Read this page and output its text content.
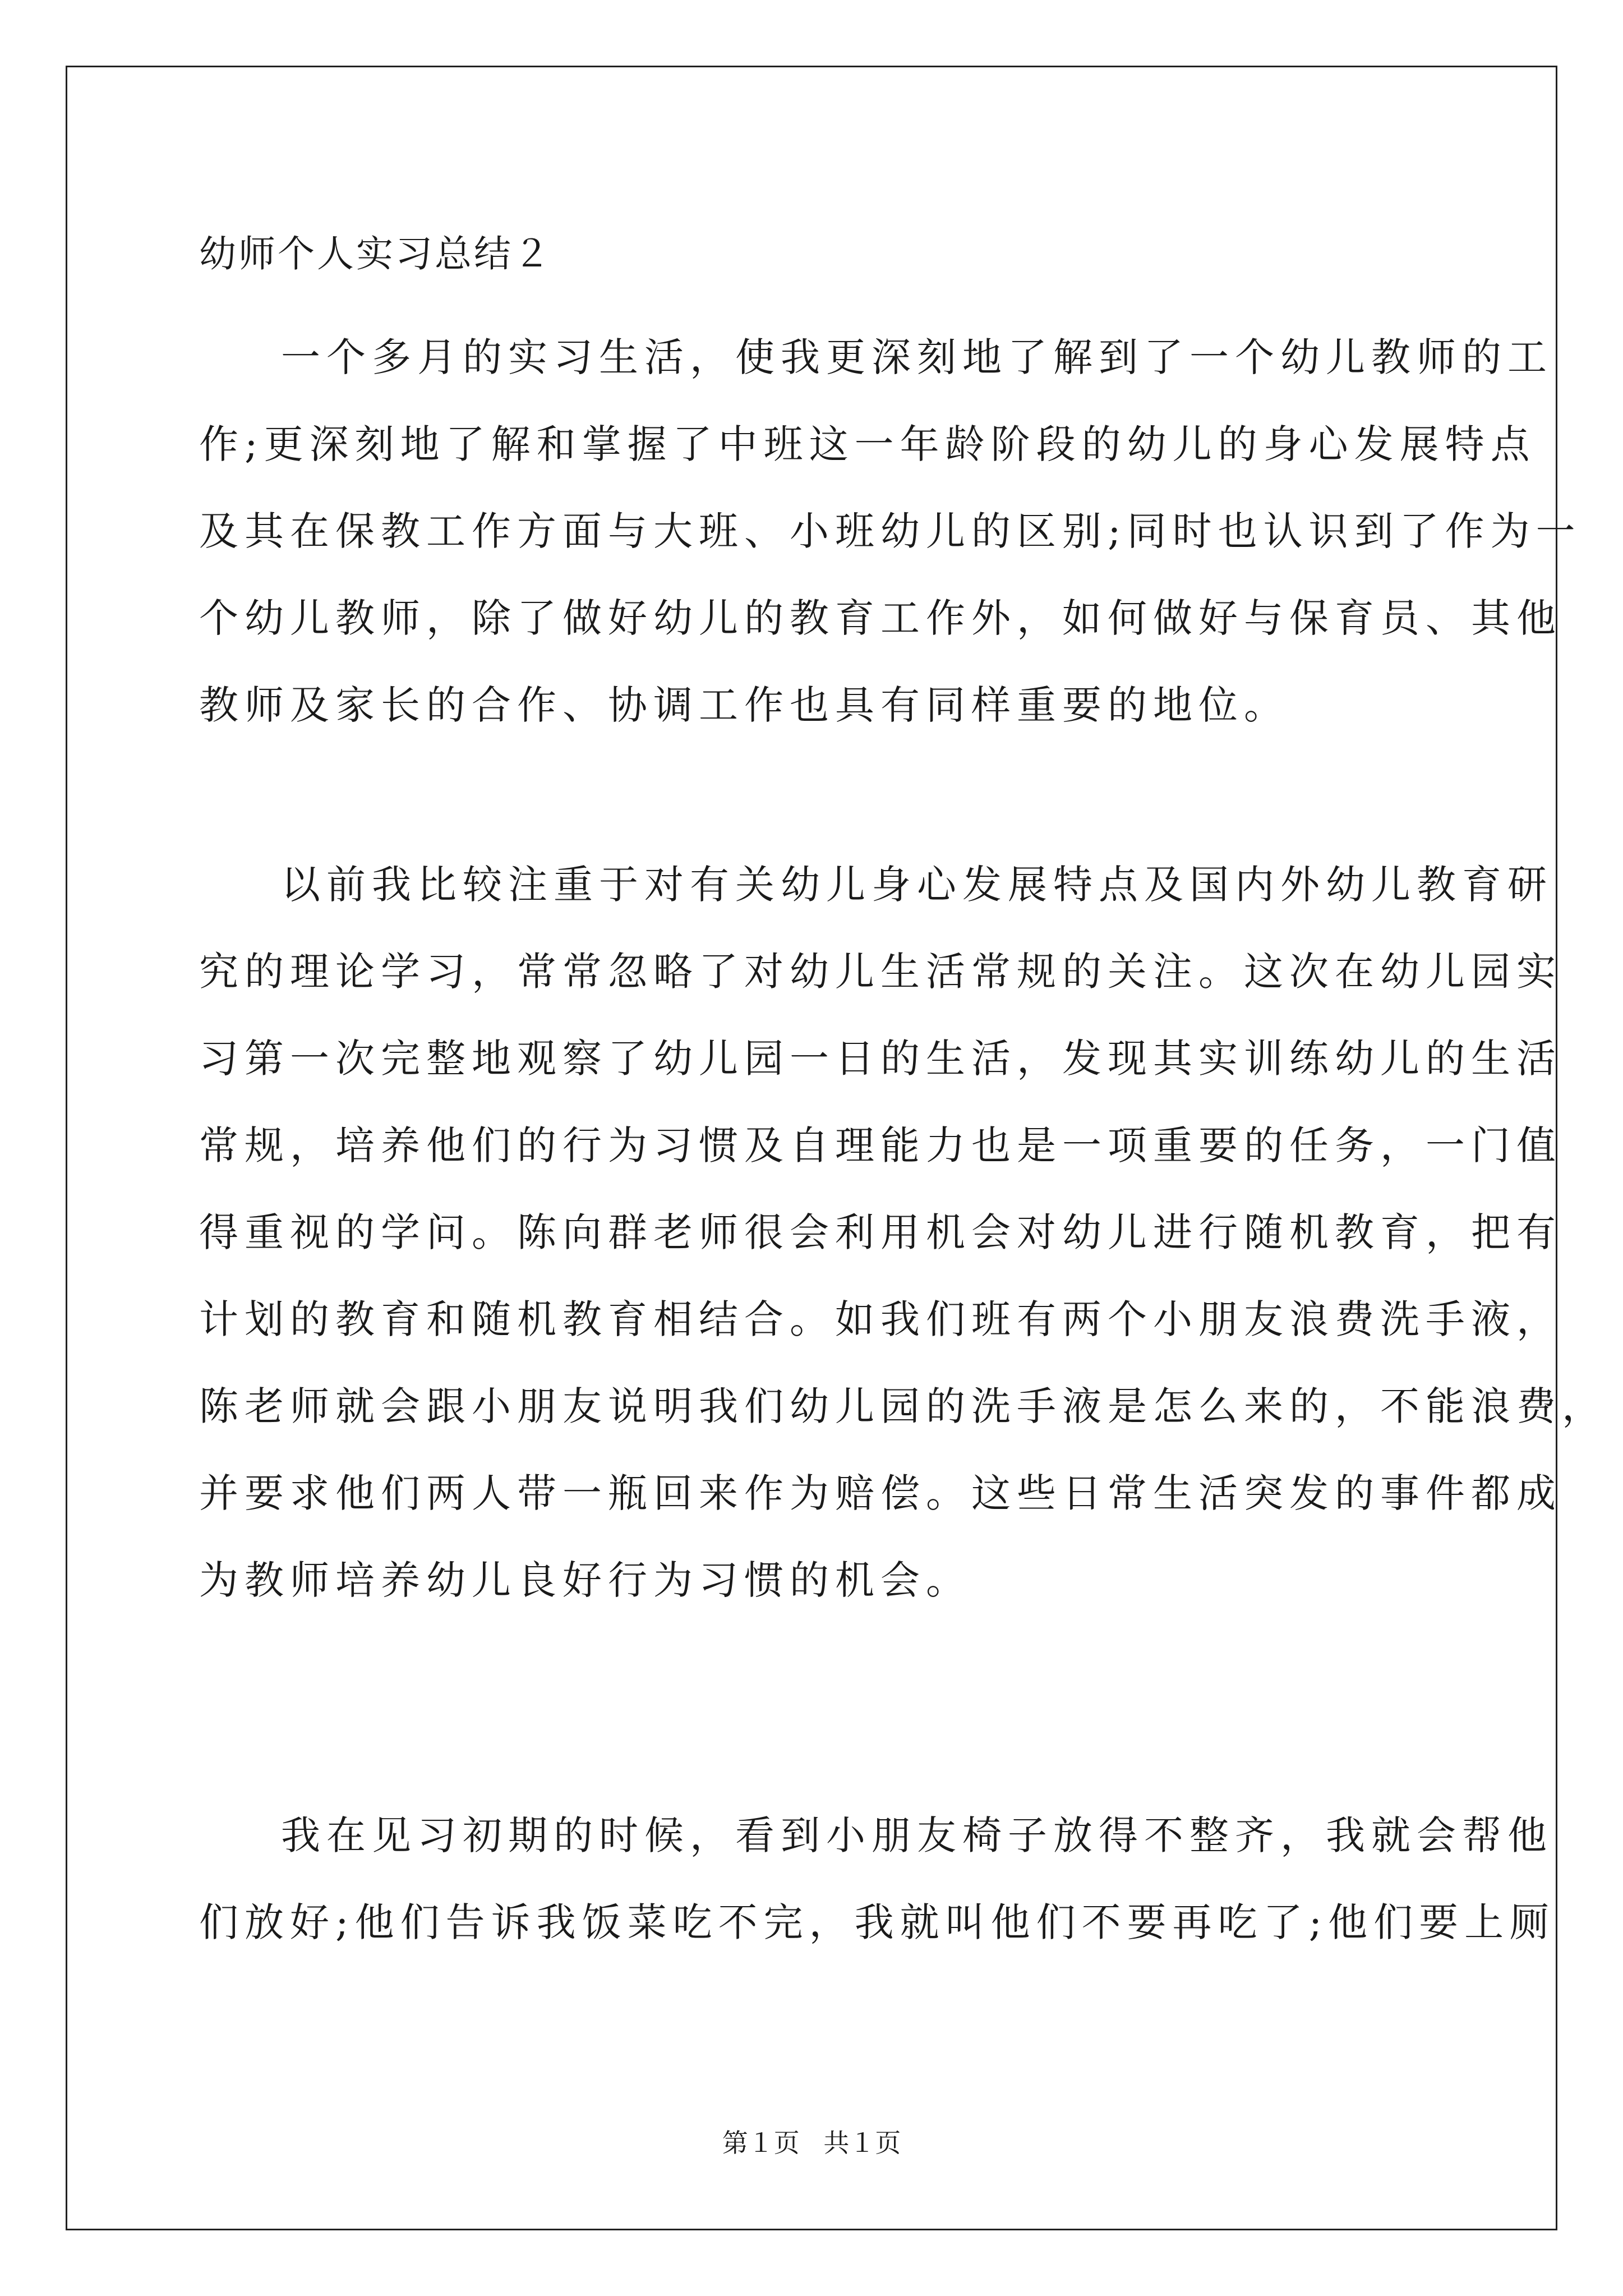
幼师个人实习总结２
一个多月的实习生活，使我更深刻地了解到了一个幼儿教师的工
作;更深刻地了解和掌握了中班这一年龄阶段的幼儿的身心发展特点
及其在保教工作方面与大班、小班幼儿的区别;同时也认识到了作为一
个幼儿教师，除了做好幼儿的教育工作外，如何做好与保育员、其他
教师及家长的合作、协调工作也具有同样重要的地位。
以前我比较注重于对有关幼儿身心发展特点及国内外幼儿教育研
究的理论学习，常常忽略了对幼儿生活常规的关注。这次在幼儿园实
习第一次完整地观察了幼儿园一日的生活，发现其实训练幼儿的生活
常规，培养他们的行为习惯及自理能力也是一项重要的任务，一门值
得重视的学问。陈向群老师很会利用机会对幼儿进行随机教育，把有
计划的教育和随机教育相结合。如我们班有两个小朋友浪费洗手液，
陈老师就会跟小朋友说明我们幼儿园的洗手液是怎么来的，不能浪费，
并要求他们两人带一瓶回来作为赔偿。这些日常生活突发的事件都成
为教师培养幼儿良好行为习惯的机会。
我在见习初期的时候，看到小朋友椅子放得不整齐，我就会帮他
们放好;他们告诉我饭菜吃不完，我就叫他们不要再吃了;他们要上厕
第１页 共１页
